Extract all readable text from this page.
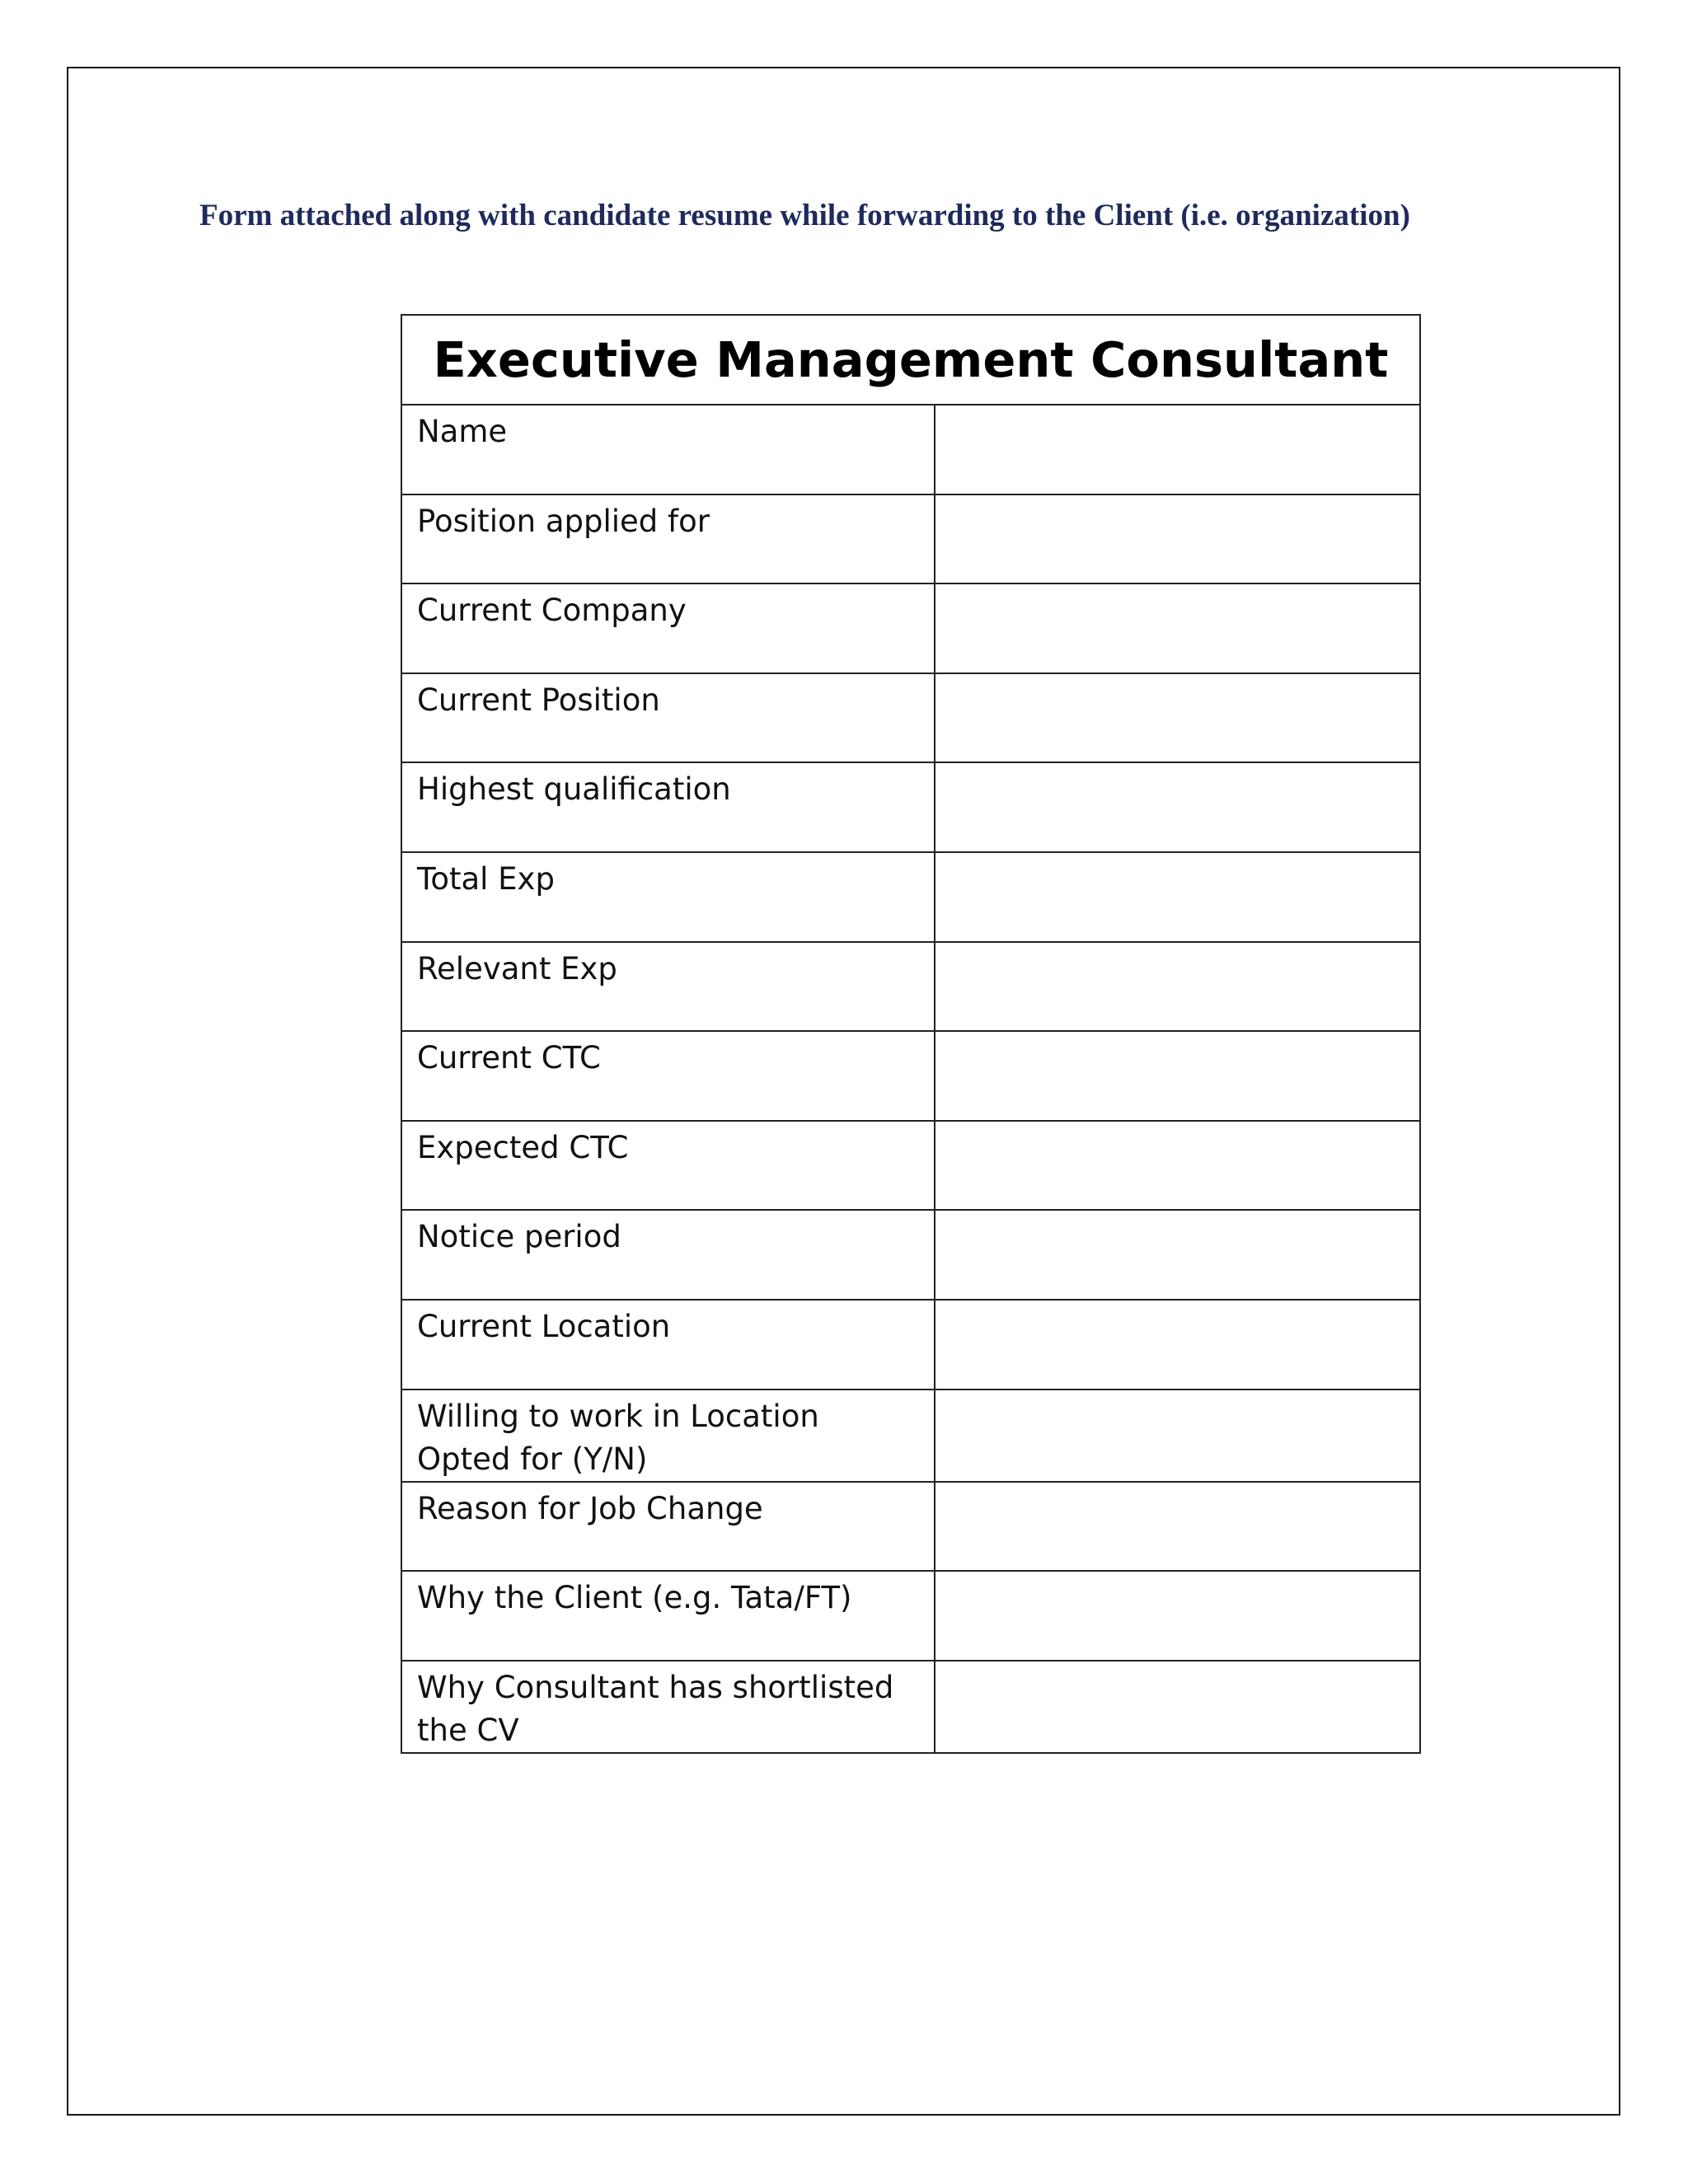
Form attached along with candidate resume while forwarding to the Client (i.e. organization)

Executive Management Consultant	
Name	
Position applied for	
Current Company	
Current Position	
Highest qualification	
Total Exp	
Relevant Exp	
Current CTC	
Expected CTC	
Notice period	
Current Location	
Willing to work in Location Opted for (Y/N)	
Reason for Job Change	
Why the Client (e.g. Tata/FT)	
Why Consultant has shortlisted the CV	
